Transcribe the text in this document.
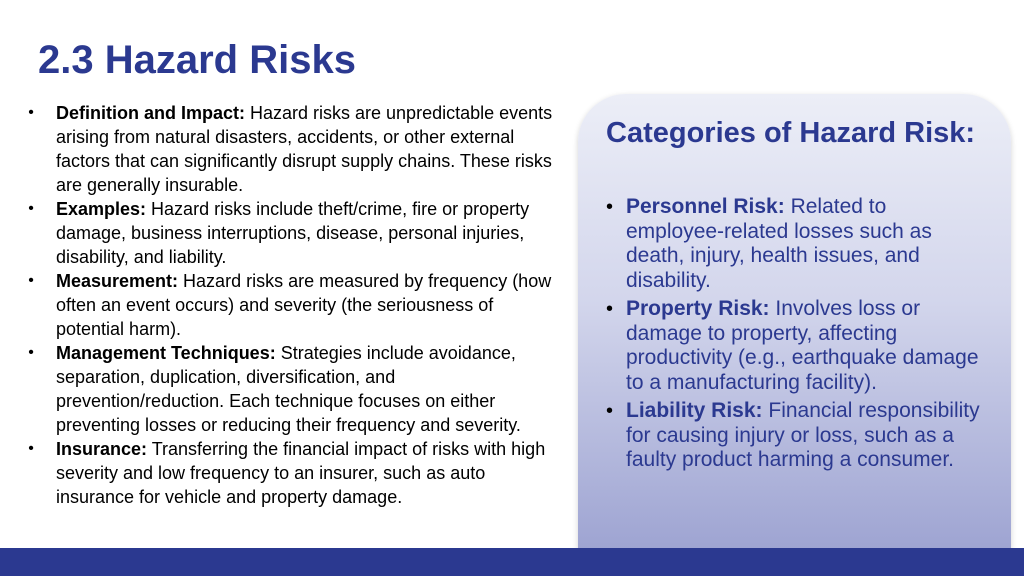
2.3 Hazard Risks
• Definition and Impact: Hazard risks are unpredictable events arising from natural disasters, accidents, or other external factors that can significantly disrupt supply chains. These risks are generally insurable.
• Examples: Hazard risks include theft/crime, fire or property damage, business interruptions, disease, personal injuries, disability, and liability.
• Measurement: Hazard risks are measured by frequency (how often an event occurs) and severity (the seriousness of potential harm).
• Management Techniques: Strategies include avoidance, separation, duplication, diversification, and prevention/reduction. Each technique focuses on either preventing losses or reducing their frequency and severity.
• Insurance: Transferring the financial impact of risks with high severity and low frequency to an insurer, such as auto insurance for vehicle and property damage.
Categories of Hazard Risk:
• Personnel Risk: Related to employee-related losses such as death, injury, health issues, and disability.
• Property Risk: Involves loss or damage to property, affecting productivity (e.g., earthquake damage to a manufacturing facility).
• Liability Risk: Financial responsibility for causing injury or loss, such as a faulty product harming a consumer.
